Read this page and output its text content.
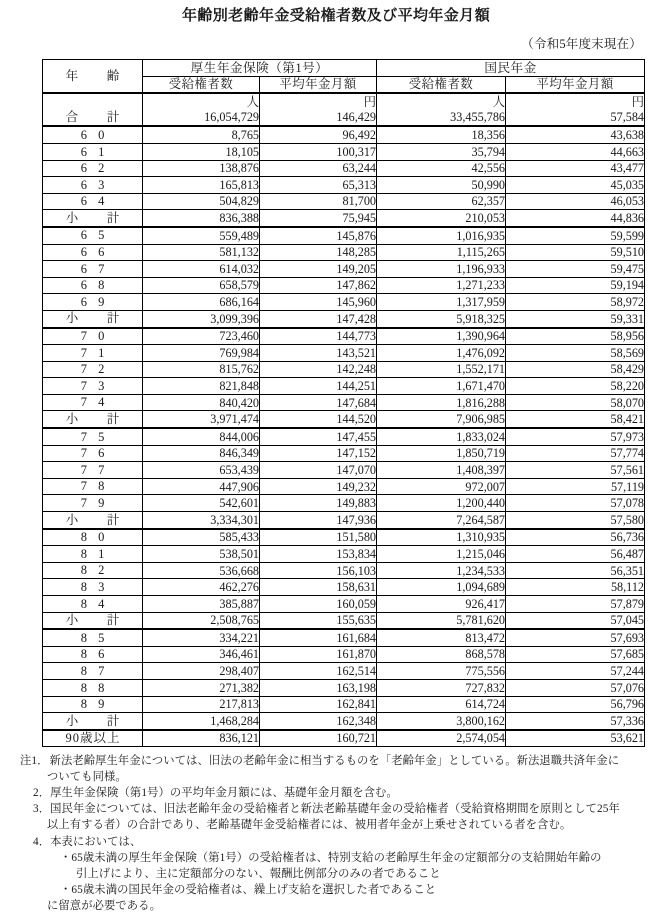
年齢別老齢年金受給権者数及び平均年金月額
（令和5年度末現在）
年　齢	厚生年金保険（第1号）		国民年金	
	受給権者数	平均年金月額	受給権者数	平均年金月額
	人	円	人	円
合　計	16,054,729	146,429	33,455,786	57,584
6 0	8,765	96,492	18,356	43,638
6 1	18,105	100,317	35,794	44,663
6 2	138,876	63,244	42,556	43,477
6 3	165,813	65,313	50,990	45,035
6 4	504,829	81,700	62,357	46,053
小　計	836,388	75,945	210,053	44,836
6 5	559,489	145,876	1,016,935	59,599
6 6	581,132	148,285	1,115,265	59,510
6 7	614,032	149,205	1,196,933	59,475
6 8	658,579	147,862	1,271,233	59,194
6 9	686,164	145,960	1,317,959	58,972
小　計	3,099,396	147,428	5,918,325	59,331
7 0	723,460	144,773	1,390,964	58,956
7 1	769,984	143,521	1,476,092	58,569
7 2	815,762	142,248	1,552,171	58,429
7 3	821,848	144,251	1,671,470	58,220
7 4	840,420	147,684	1,816,288	58,070
小　計	3,971,474	144,520	7,906,985	58,421
7 5	844,006	147,455	1,833,024	57,973
7 6	846,349	147,152	1,850,719	57,774
7 7	653,439	147,070	1,408,397	57,561
7 8	447,906	149,232	972,007	57,119
7 9	542,601	149,883	1,200,440	57,078
小　計	3,334,301	147,936	7,264,587	57,580
8 0	585,433	151,580	1,310,935	56,736
8 1	538,501	153,834	1,215,046	56,487
8 2	536,668	156,103	1,234,533	56,351
8 3	462,276	158,631	1,094,689	58,112
8 4	385,887	160,059	926,417	57,879
小　計	2,508,765	155,635	5,781,620	57,045
8 5	334,221	161,684	813,472	57,693
8 6	346,461	161,870	868,578	57,685
8 7	298,407	162,514	775,556	57,244
8 8	271,382	163,198	727,832	57,076
8 9	217,813	162,841	614,724	56,796
小　計	1,468,284	162,348	3,800,162	57,336
90歳以上	836,121	160,721	2,574,054	53,621
注1． 新法老齢厚生年金については、旧法の老齢年金に相当するものを「老齢年金」としている。新法退職共済年金に
ついても同様。
2． 厚生年金保険（第1号）の平均年金月額には、基礎年金月額を含む。
3． 国民年金については、旧法老齢年金の受給権者と新法老齢基礎年金の受給権者（受給資格期間を原則として25年
以上有する者）の合計であり、老齢基礎年金受給権者には、被用者年金が上乗せされている者を含む。
4． 本表においては、
・65歳未満の厚生年金保険（第1号）の受給権者は、特別支給の老齢厚生年金の定額部分の支給開始年齢の
引上げにより、主に定額部分のない、報酬比例部分のみの者であること
・65歳未満の国民年金の受給権者は、繰上げ支給を選択した者であること
に留意が必要である。
